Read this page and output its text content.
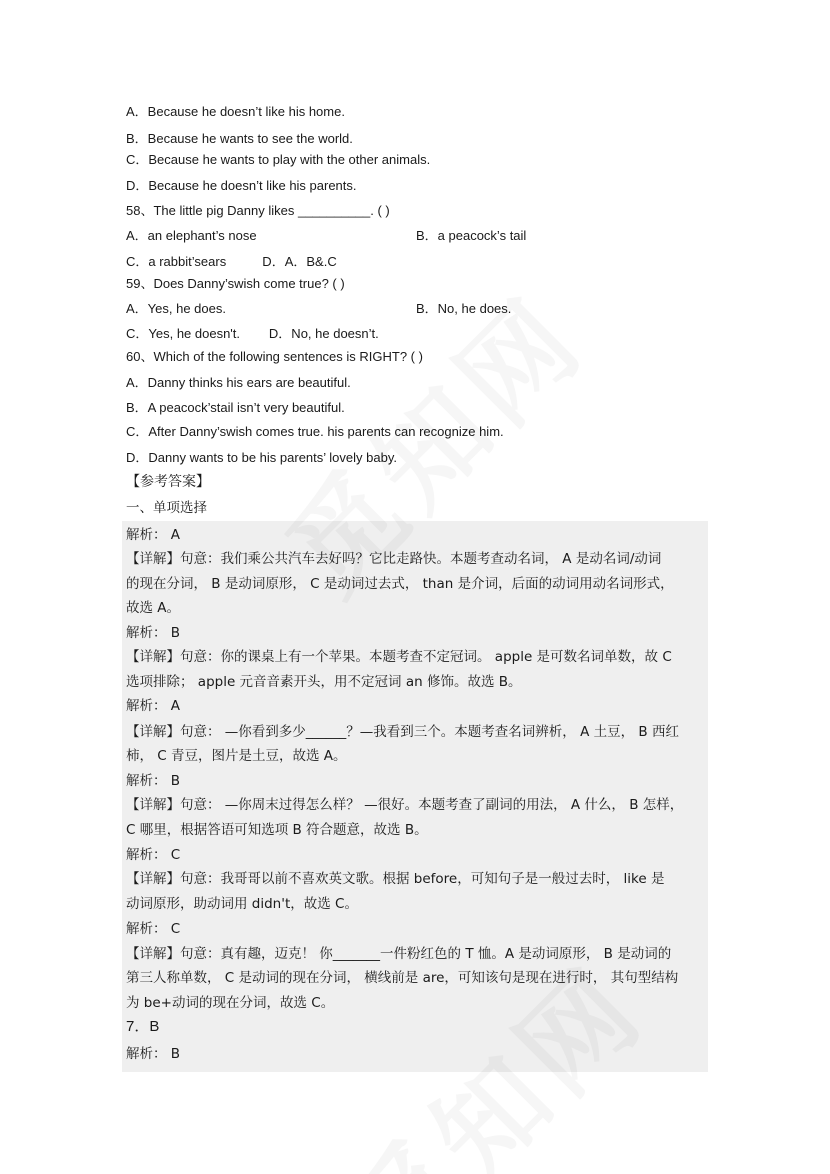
A．Because he doesn’t like his home.
B．Because he wants to see the world.
C．Because he wants to play with the other animals.
D．Because he doesn’t like his parents.
58、The little pig Danny likes __________. ( )
A．an elephant’s nose	B．a peacock’s tail
C．a rabbit’sears          D．A．B&.C
59、Does Danny’swish come true? ( )
A．Yes, he does.	B．No, he does.
C．Yes, he doesn't.        D．No, he doesn’t.
60、Which of the following sentences is RIGHT? ( )
A．Danny thinks his ears are beautiful.
B．A peacock’stail isn’t very beautiful.
C．After Danny’swish comes true. his parents can recognize him.
D．Danny wants to be his parents’ lovely baby.
【参考答案】
一、单项选择
解析： A
【详解】句意：我们乘公共汽车去好吗？它比走路快。本题考查动名词， A 是动名词/动词
的现在分词， B 是动词原形， C 是动词过去式， than 是介词，后面的动词用动名词形式，
故选 A。
解析： B
【详解】句意：你的课桌上有一个苹果。本题考查不定冠词。 apple 是可数名词单数，故 C
选项排除； apple 元音音素开头，用不定冠词 an 修饰。故选 B。
解析： A
【详解】句意： —你看到多少______？—我看到三个。本题考查名词辨析， A 土豆， B 西红
柿， C 青豆，图片是土豆，故选 A。
解析： B
【详解】句意： —你周末过得怎么样？ —很好。本题考查了副词的用法， A 什么， B 怎样，
C 哪里，根据答语可知选项 B 符合题意，故选 B。
解析： C
【详解】句意：我哥哥以前不喜欢英文歌。根据 before，可知句子是一般过去时， like 是
动词原形，助动词用 didn't，故选 C。
解析： C
【详解】句意：真有趣，迈克！ 你_______一件粉红色的 T 恤。A 是动词原形， B 是动词的
第三人称单数， C 是动词的现在分词， 横线前是 are，可知该句是现在进行时， 其句型结构
为 be+动词的现在分词，故选 C。
7．B
解析： B
